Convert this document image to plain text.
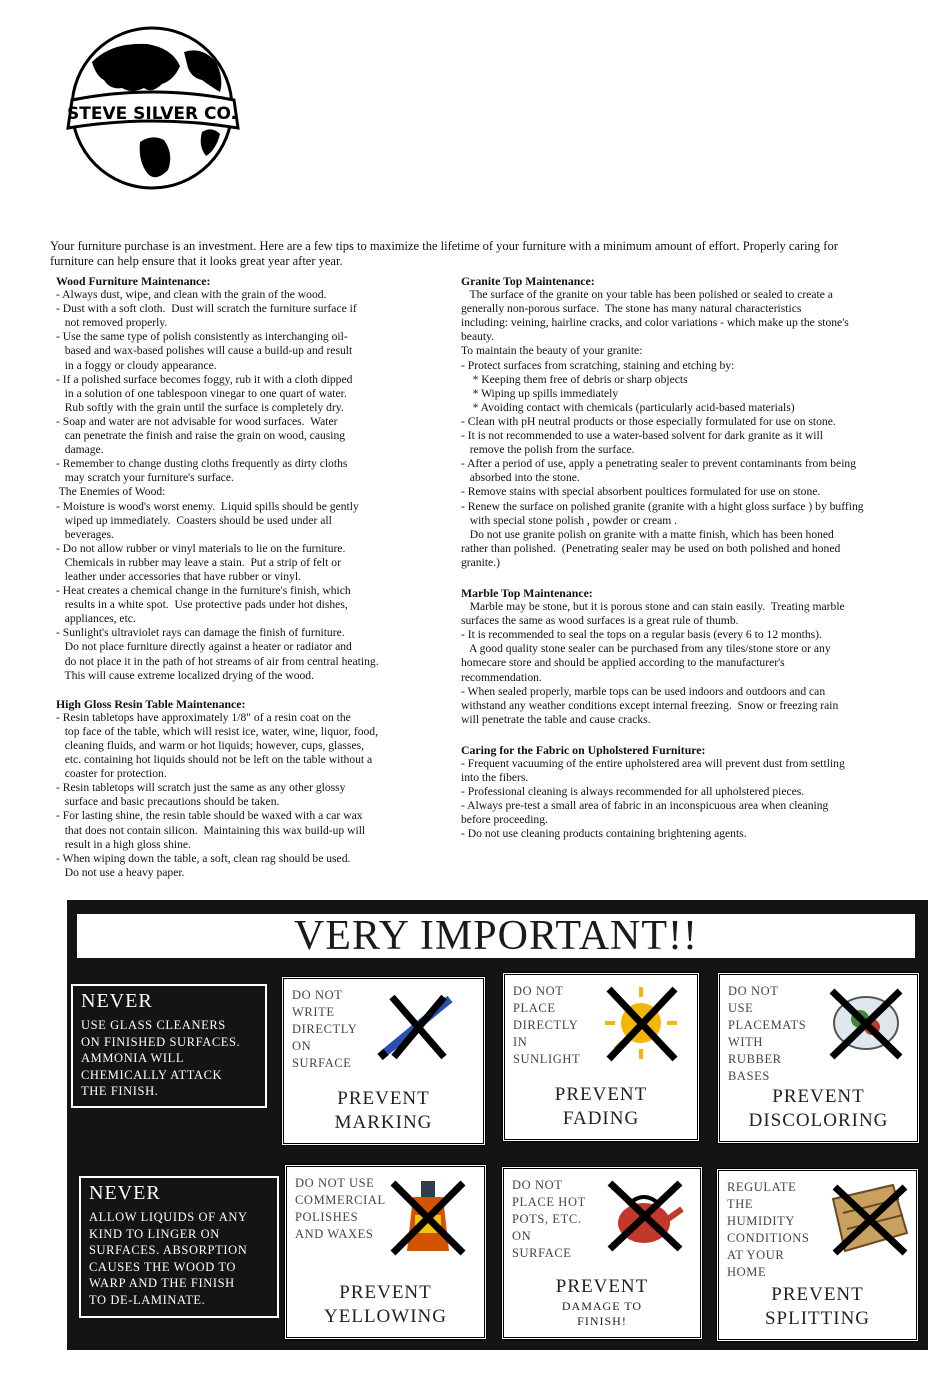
STEVE SILVER CO.

Your furniture purchase is an investment. Here are a few tips to maximize the lifetime of your furniture with a minimum amount of effort. Properly caring for

furniture can help ensure that it looks great year after year.

Wood Furniture Maintenance:

- Always dust, wipe, and clean with the grain of the wood.

- Dust with a soft cloth.  Dust will scratch the furniture surface if

not removed properly.

- Use the same type of polish consistently as interchanging oil-

based and wax-based polishes will cause a build-up and result

in a foggy or cloudy appearance.

- If a polished surface becomes foggy, rub it with a cloth dipped

in a solution of one tablespoon vinegar to one quart of water.

Rub softly with the grain until the surface is completely dry.

- Soap and water are not advisable for wood surfaces.  Water

can penetrate the finish and raise the grain on wood, causing

damage.

- Remember to change dusting cloths frequently as dirty cloths

may scratch your furniture's surface.

The Enemies of Wood:

- Moisture is wood's worst enemy.  Liquid spills should be gently

wiped up immediately.  Coasters should be used under all

beverages.

- Do not allow rubber or vinyl materials to lie on the furniture.

Chemicals in rubber may leave a stain.  Put a strip of felt or

leather under accessories that have rubber or vinyl.

- Heat creates a chemical change in the furniture's finish, which

results in a white spot.  Use protective pads under hot dishes,

appliances, etc.

- Sunlight's ultraviolet rays can damage the finish of furniture.

Do not place furniture directly against a heater or radiator and

do not place it in the path of hot streams of air from central heating.

This will cause extreme localized drying of the wood.

High Gloss Resin Table Maintenance:

- Resin tabletops have approximately 1/8" of a resin coat on the

top face of the table, which will resist ice, water, wine, liquor, food,

cleaning fluids, and warm or hot liquids; however, cups, glasses,

etc. containing hot liquids should not be left on the table without a

coaster for protection.

- Resin tabletops will scratch just the same as any other glossy

surface and basic precautions should be taken.

- For lasting shine, the resin table should be waxed with a car wax

that does not contain silicon.  Maintaining this wax build-up will

result in a high gloss shine.

- When wiping down the table, a soft, clean rag should be used.

Do not use a heavy paper.

Granite Top Maintenance:

The surface of the granite on your table has been polished or sealed to create a

generally non-porous surface.  The stone has many natural characteristics

including: veining, hairline cracks, and color variations - which make up the stone's

beauty.

To maintain the beauty of your granite:

- Protect surfaces from scratching, staining and etching by:

* Keeping them free of debris or sharp objects

* Wiping up spills immediately

* Avoiding contact with chemicals (particularly acid-based materials)

- Clean with pH neutral products or those especially formulated for use on stone.

- It is not recommended to use a water-based solvent for dark granite as it will

remove the polish from the surface.

- After a period of use, apply a penetrating sealer to prevent contaminants from being

absorbed into the stone.

- Remove stains with special absorbent poultices formulated for use on stone.

- Renew the surface on polished granite (granite with a hight gloss surface ) by buffing

with special stone polish , powder or cream .

Do not use granite polish on granite with a matte finish, which has been honed

rather than polished.  (Penetrating sealer may be used on both polished and honed

granite.)

Marble Top Maintenance:

Marble may be stone, but it is porous stone and can stain easily.  Treating marble

surfaces the same as wood surfaces is a great rule of thumb.

- It is recommended to seal the tops on a regular basis (every 6 to 12 months).

A good quality stone sealer can be purchased from any tiles/stone store or any

homecare store and should be applied according to the manufacturer's

recommendation.

- When sealed properly, marble tops can be used indoors and outdoors and can

withstand any weather conditions except internal freezing.  Snow or freezing rain

will penetrate the table and cause cracks.

Caring for the Fabric on Upholstered Furniture:

- Frequent vacuuming of the entire upholstered area will prevent dust from settling

into the fibers.

- Professional cleaning is always recommended for all upholstered pieces.

- Always pre-test a small area of fabric in an inconspicuous area when cleaning

before proceeding.

- Do not use cleaning products containing brightening agents.

VERY IMPORTANT!!

NEVER

USE GLASS CLEANERS
ON FINISHED SURFACES.
AMMONIA WILL
CHEMICALLY ATTACK
THE FINISH.

NEVER

ALLOW LIQUIDS OF ANY
KIND TO LINGER ON
SURFACES. ABSORPTION
CAUSES THE WOOD TO
WARP AND THE FINISH
TO DE-LAMINATE.
DO NOT
WRITE
DIRECTLY
ON
SURFACE
PREVENT
MARKING
DO NOT
PLACE
DIRECTLY
IN
SUNLIGHT
PREVENT
FADING
DO NOT
USE
PLACEMATS
WITH
RUBBER
BASES
PREVENT
DISCOLORING
DO NOT USE
COMMERCIAL
POLISHES
AND WAXES
PREVENT
YELLOWING
DO NOT
PLACE HOT
POTS, ETC.
ON
SURFACE
PREVENT
DAMAGE TO
FINISH!
REGULATE
THE
HUMIDITY
CONDITIONS
AT YOUR
HOME
PREVENT
SPLITTING
